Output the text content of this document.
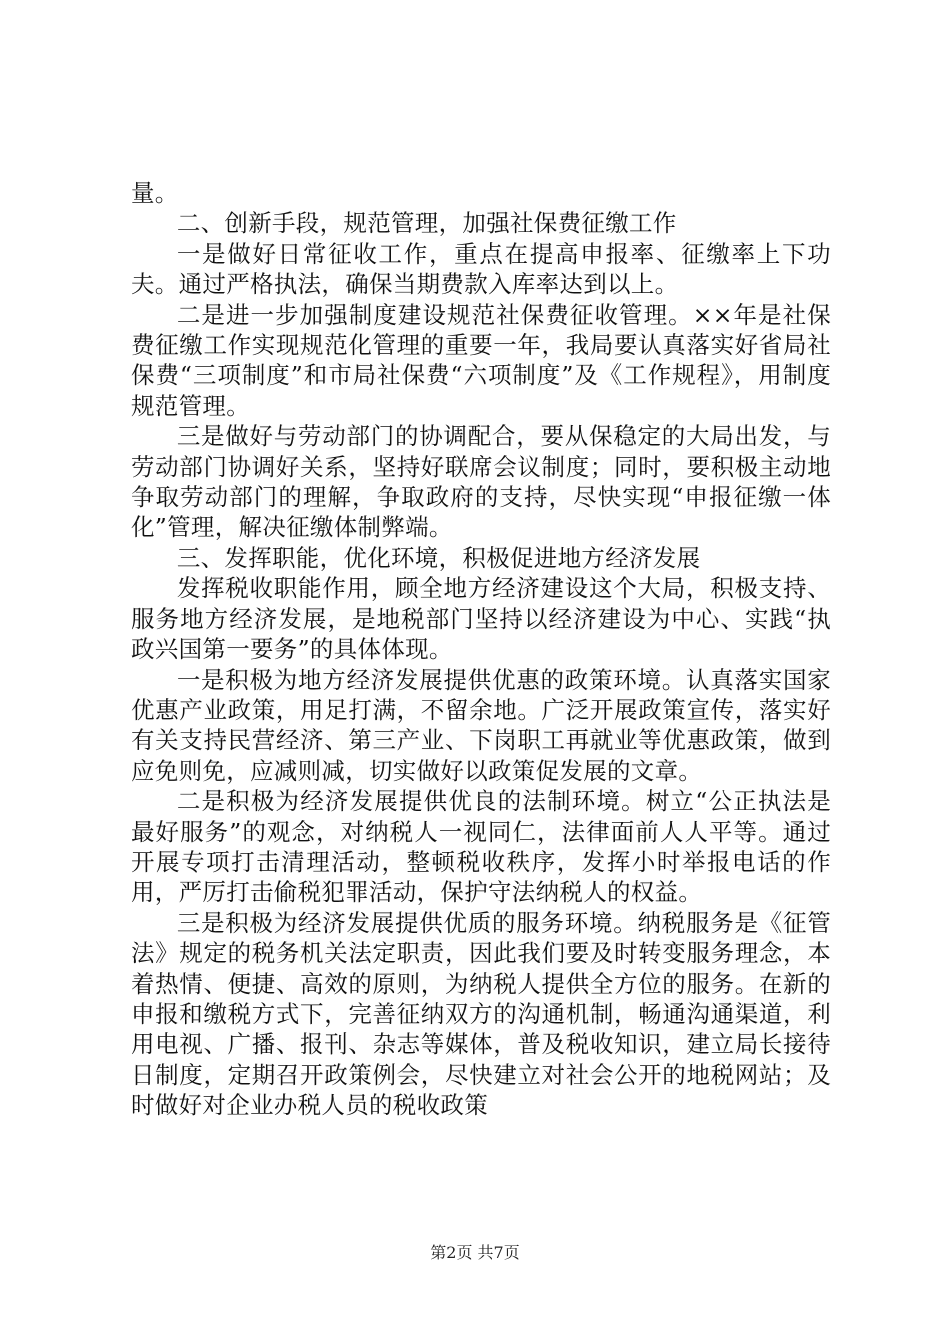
量。

二、创新手段，规范管理，加强社保费征缴工作

一是做好日常征收工作，重点在提高申报率、征缴率上下功夫。通过严格执法，确保当期费款入库率达到以上。

二是进一步加强制度建设规范社保费征收管理。××年是社保费征缴工作实现规范化管理的重要一年，我局要认真落实好省局社保费“三项制度”和市局社保费“六项制度”及《工作规程》，用制度规范管理。

三是做好与劳动部门的协调配合，要从保稳定的大局出发，与劳动部门协调好关系，坚持好联席会议制度；同时，要积极主动地争取劳动部门的理解，争取政府的支持，尽快实现“申报征缴一体化”管理，解决征缴体制弊端。

三、发挥职能，优化环境，积极促进地方经济发展

发挥税收职能作用，顾全地方经济建设这个大局，积极支持、服务地方经济发展，是地税部门坚持以经济建设为中心、实践“执政兴国第一要务”的具体体现。

一是积极为地方经济发展提供优惠的政策环境。认真落实国家优惠产业政策，用足打满，不留余地。广泛开展政策宣传，落实好有关支持民营经济、第三产业、下岗职工再就业等优惠政策，做到应免则免，应减则减，切实做好以政策促发展的文章。

二是积极为经济发展提供优良的法制环境。树立“公正执法是最好服务”的观念，对纳税人一视同仁，法律面前人人平等。通过开展专项打击清理活动，整顿税收秩序，发挥小时举报电话的作用，严厉打击偷税犯罪活动，保护守法纳税人的权益。

三是积极为经济发展提供优质的服务环境。纳税服务是《征管法》规定的税务机关法定职责，因此我们要及时转变服务理念，本着热情、便捷、高效的原则，为纳税人提供全方位的服务。在新的申报和缴税方式下，完善征纳双方的沟通机制，畅通沟通渠道，利用电视、广播、报刊、杂志等媒体，普及税收知识，建立局长接待日制度，定期召开政策例会，尽快建立对社会公开的地税网站；及时做好对企业办税人员的税收政策

第2页 共7页
